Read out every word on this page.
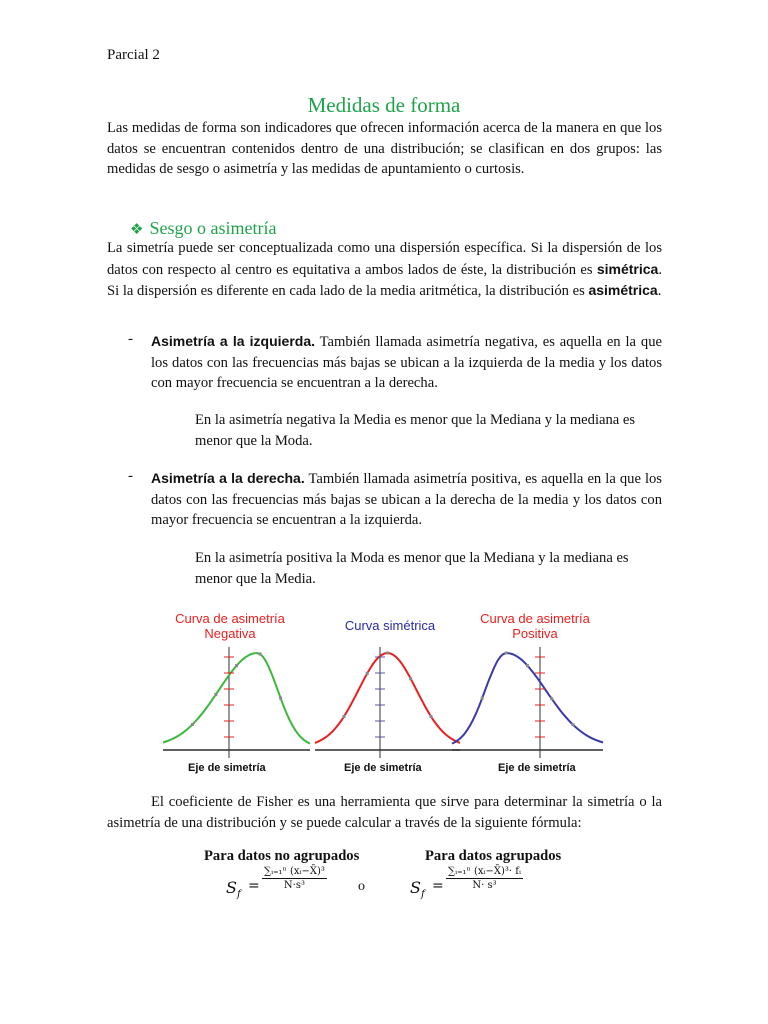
Parcial 2
Medidas de forma
Las medidas de forma son indicadores que ofrecen información acerca de la manera en que los datos se encuentran contenidos dentro de una distribución; se clasifican en dos grupos: las medidas de sesgo o asimetría y las medidas de apuntamiento o curtosis.
❖ Sesgo o asimetría
La simetría puede ser conceptualizada como una dispersión específica. Si la dispersión de los datos con respecto al centro es equitativa a ambos lados de éste, la distribución es simétrica. Si la dispersión es diferente en cada lado de la media aritmética, la distribución es asimétrica.
- Asimetría a la izquierda. También llamada asimetría negativa, es aquella en la que los datos con las frecuencias más bajas se ubican a la izquierda de la media y los datos con mayor frecuencia se encuentran a la derecha.
En la asimetría negativa la Media es menor que la Mediana y la mediana es menor que la Moda.
- Asimetría a la derecha. También llamada asimetría positiva, es aquella en la que los datos con las frecuencias más bajas se ubican a la derecha de la media y los datos con mayor frecuencia se encuentran a la izquierda.
En la asimetría positiva la Moda es menor que la Mediana y la mediana es menor que la Media.
Curva de asimetría
Negativa
Curva simétrica	Curva de asimetría
Positiva
Eje de simetría	Eje de simetría	Eje de simetría
El coeficiente de Fisher es una herramienta que sirve para determinar la simetría o la asimetría de una distribución y se puede calcular a través de la siguiente fórmula:
Para datos no agrupados	Para datos agrupados
$S_f$
= $\frac{\text{∑ᵢ₌₁ⁿ (xᵢ−X̄)³}}{\text{N·s³}}$ o	$S_f$
= $\frac{\text{∑ᵢ₌₁ⁿ (xᵢ−X̄)³· fᵢ}}{\text{N· s³}}$
